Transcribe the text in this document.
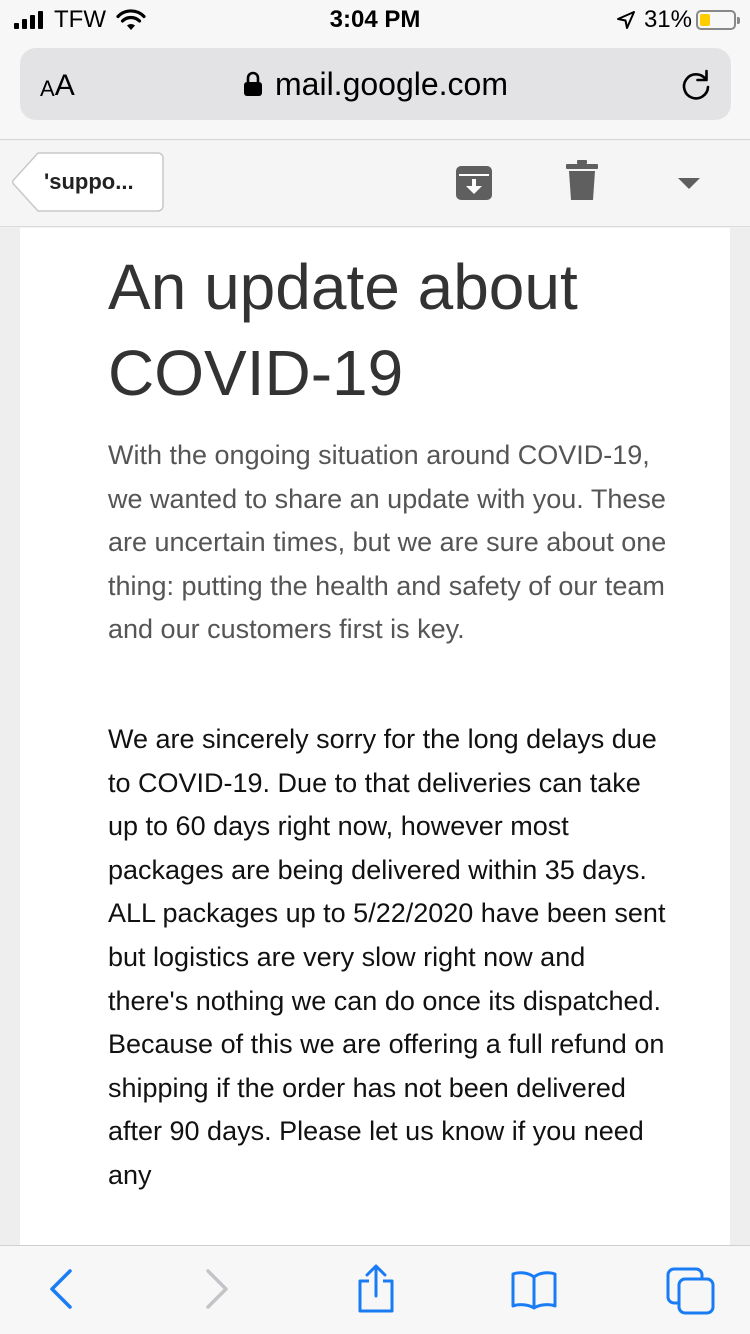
TFW	3:04 PM	31%
A A	mail.google.com
'suppo...
An update about COVID-19

With the ongoing situation around COVID-19, we wanted to share an update with you. These are uncertain times, but we are sure about one thing: putting the health and safety of our team and our customers first is key.

We are sincerely sorry for the long delays due to COVID-19. Due to that deliveries can take up to 60 days right now, however most packages are being delivered within 35 days. ALL packages up to 5/22/2020 have been sent but logistics are very slow right now and there's nothing we can do once its dispatched. Because of this we are offering a full refund on shipping if the order has not been delivered after 90 days. Please let us know if you need any
